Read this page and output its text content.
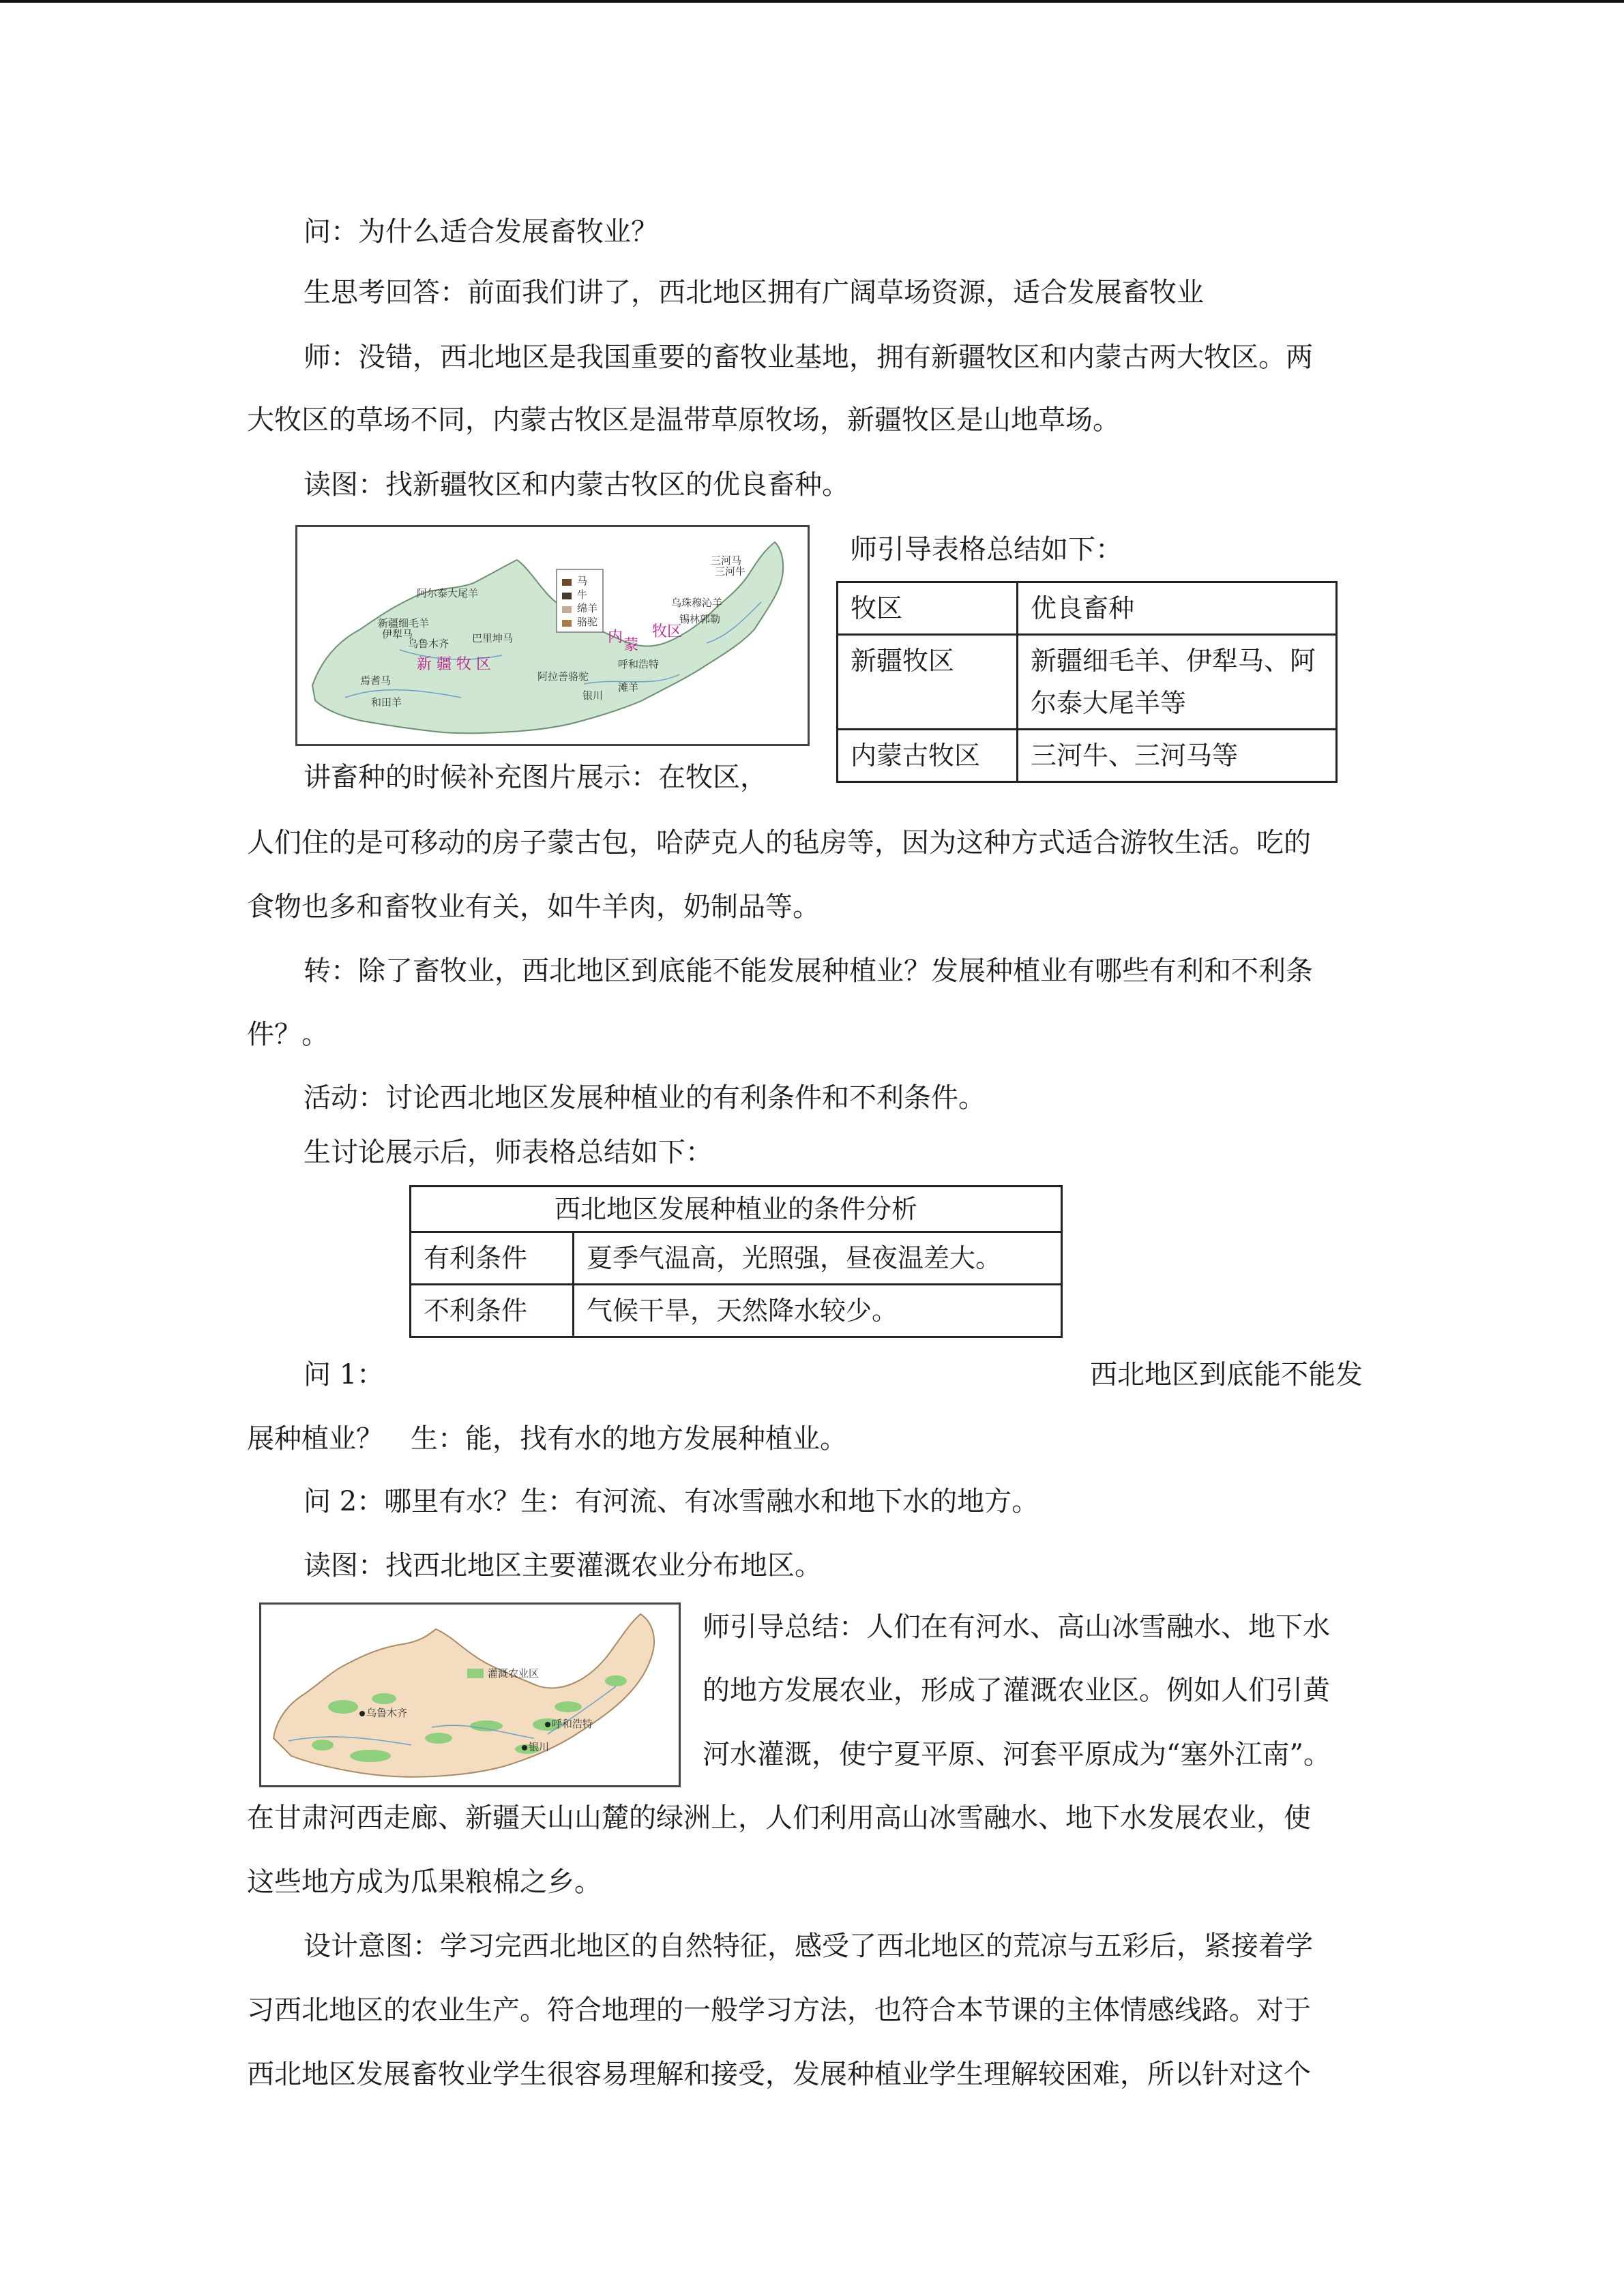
问：为什么适合发展畜牧业？
生思考回答：前面我们讲了，西北地区拥有广阔草场资源，适合发展畜牧业
师：没错，西北地区是我国重要的畜牧业基地，拥有新疆牧区和内蒙古两大牧区。两
大牧区的草场不同，内蒙古牧区是温带草原牧场，新疆牧区是山地草场。
读图：找新疆牧区和内蒙古牧区的优良畜种。
马
牛
绵羊
骆驼
新 疆 牧 区
内 蒙
阿尔泰大尾羊
新疆细毛羊
伊犁马
乌鲁木齐 巴里坤马
焉耆马
和田羊
阿拉善骆驼
呼和浩特
三河马
三河牛
乌珠穆沁羊
锡林郭勒
银川
滩羊
牧区
师引导表格总结如下：
牧区	优良畜种
新疆牧区	新疆细毛羊、伊犁马、阿尔泰大尾羊等
内蒙古牧区	三河牛、三河马等
讲畜种的时候补充图片展示：在牧区，
人们住的是可移动的房子蒙古包，哈萨克人的毡房等，因为这种方式适合游牧生活。吃的
食物也多和畜牧业有关，如牛羊肉，奶制品等。
转：除了畜牧业，西北地区到底能不能发展种植业？发展种植业有哪些有利和不利条
件？。
活动：讨论西北地区发展种植业的有利条件和不利条件。
生讨论展示后，师表格总结如下：
西北地区发展种植业的条件分析	
有利条件	夏季气温高，光照强，昼夜温差大。
不利条件	气候干旱，天然降水较少。
问 1：	西北地区到底能不能发
展种植业？　生：能，找有水的地方发展种植业。
问 2：哪里有水？生：有河流、有冰雪融水和地下水的地方。
读图：找西北地区主要灌溉农业分布地区。
灌溉农业区
乌鲁木齐
呼和浩特
银川
师引导总结：人们在有河水、高山冰雪融水、地下水
的地方发展农业，形成了灌溉农业区。例如人们引黄
河水灌溉，使宁夏平原、河套平原成为“塞外江南”。
在甘肃河西走廊、新疆天山山麓的绿洲上，人们利用高山冰雪融水、地下水发展农业，使
这些地方成为瓜果粮棉之乡。
设计意图：学习完西北地区的自然特征，感受了西北地区的荒凉与五彩后，紧接着学
习西北地区的农业生产。符合地理的一般学习方法，也符合本节课的主体情感线路。对于
西北地区发展畜牧业学生很容易理解和接受，发展种植业学生理解较困难，所以针对这个
